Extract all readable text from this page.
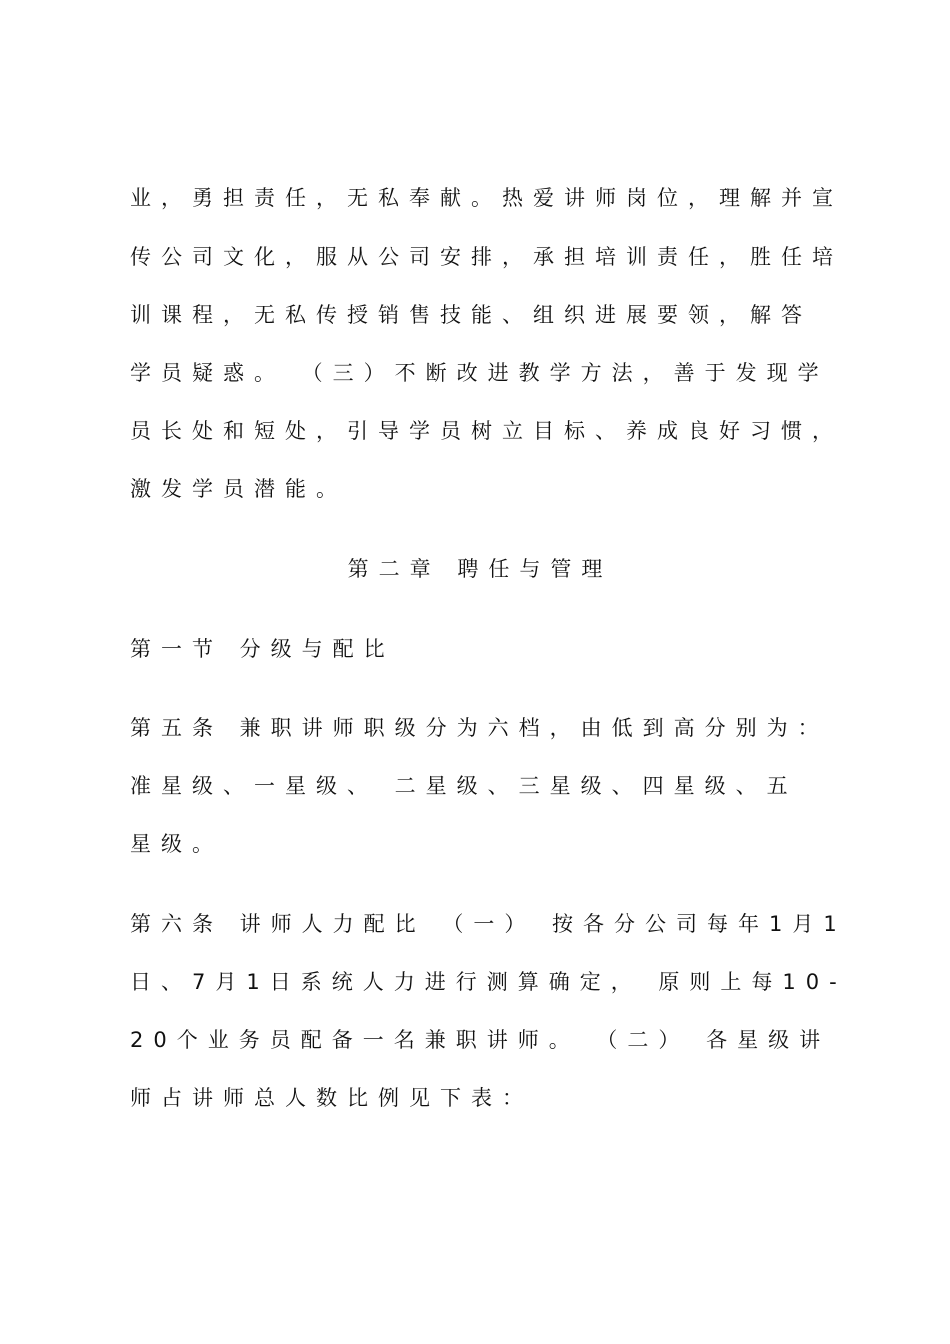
业，勇担责任，无私奉献。热爱讲师岗位，理解并宣
传公司文化，服从公司安排，承担培训责任，胜任培
训课程，无私传授销售技能、组织进展要领，解答
学员疑惑。 （三）不断改进教学方法，善于发现学
员长处和短处，引导学员树立目标、养成良好习惯，
激发学员潜能。
第二章 聘任与管理
第一节 分级与配比
第五条 兼职讲师职级分为六档，由低到高分别为：
准星级、一星级、 二星级、三星级、四星级、五
星级。
第六条 讲师人力配比 （一） 按各分公司每年1月1
日、7月1日系统人力进行测算确定， 原则上每10-
20个业务员配备一名兼职讲师。 （二） 各星级讲
师占讲师总人数比例见下表：
